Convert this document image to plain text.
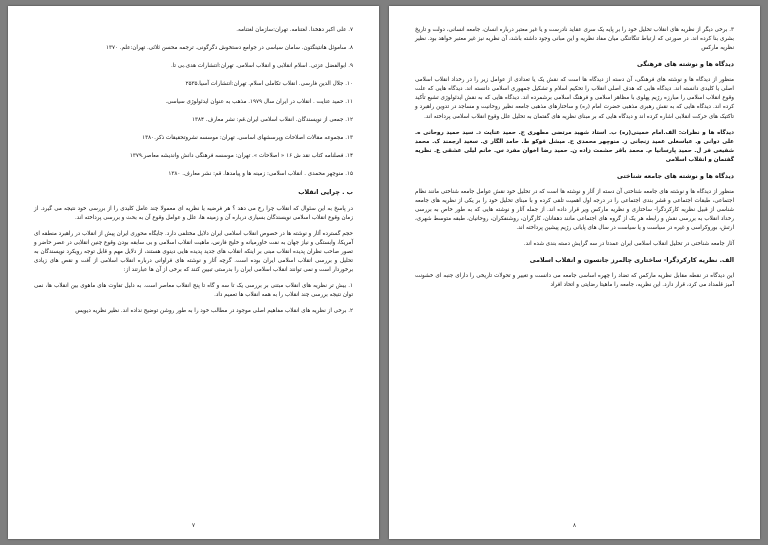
۷. علی اکبر دهخدا. لغتنامه. تهران:سازمان لغتنامه.

۸. ساموئل هانتینگتون. سامان سیاسی در جوامع دستخوش دگرگونی. ترجمه محسن ثلاثی. تهران:علم. ۱۳۷۰

۹. ابوالفضل عزتی. اسلام انقلابی و انقلاب اسلامی. تهران:انتشارات هدی.بی تا.

۱۰. جلال الدین فارسی. انقلاب تکاملی اسلام. تهران:انتشارات آسیا.۲۵۳۵

۱۱. حمید عنایت . انقلاب در ایران سال ۱۹۷۹. مذهب به عنوان ایدئولوژی سیاسی.

۱۲. جمعی از نویسندگان. انقلاب اسلامی ایران.قم: نشر معارف. ۱۳۸۴

۱۳. مجموعه مقالات اصلاحات وپرسشهای اساسی. تهران: موسسه نشروتحقیقات ذکر.۱۳۸۰

۱۴. فصلنامه کتاب نقد ش ۱۶ « اصلاحات ». تهران: موسسه فرهنگی دانش واندیشه معاصر.۱۳۷۹

۱۵. منوچهر محمدی . انقلاب اسلامی: زمینه ها و پیامدها. قم: نشر معارف. ۱۳۸۰

ب . چرایی انقلاب

در پاسخ به این سئوال که انقلاب چرا رخ می دهد ؟ هر فرضیه یا نظریه ای معمولا چند عامل کلیدی را از بررسی خود نتیجه می گیرد. از زمان وقوع انقلاب اسلامی نویسندگان بسیاری درباره آن و زمینه ها، علل و عوامل وقوع آن به بحث و بررسی پرداخته اند.

حجم گسترده آثار و نوشته ها در خصوص انقلاب اسلامی ایران دلایل مختلفی دارد. جایگاه محوری ایران پیش از انقلاب در راهبرد منطقه ای آمریکا، وابستگی و نیاز جهان به نفت خاورمیانه و خلیج فارس، ماهیت انقلاب اسلامی و بی سابقه بودن وقوع چنین انقلابی در عصر حاضر و تصور صاحب نظران پدیده انقلاب مبنی بر اینکه انقلاب های جدید پدیده هایی دینوی هستند، از دلایل مهم و قابل توجه رویکرد نویسندگان به تحلیل و بررسی انقلاب اسلامی ایران بوده است. گرچه آثار و نوشته های فراوانی درباره انقلاب اسلامی از آفت و نقص های زیادی برخوردار است و نمی توانند انقلاب اسلامی ایران را بدرستی تبیین کنند که برخی از آن ها عبارتند از:

۱. بیش تر نظریه های انقلاب مبتنی بر بررسی یک تا سه و گاه تا پنج انقلاب معاصر است. به دلیل تفاوت های ماهوی بین انقلاب ها، نمی توان نتیجه بررسی چند انقلاب را به همه انقلاب ها تعمیم داد.

۲. برخی از نظریه های انقلاب مفاهیم اصلی موجود در مطالب خود را به طور روشن توضیح نداده اند. نظیر نظریه دیویس

۷

۳. برخی دیگر از نظریه های انقلاب تحلیل خود را بر پایه یک سری عقاید نادرست و یا غیر معتبر درباره انسان، جامعه انسانی، دولت و تاریخ بشری بنا کرده اند. در صورتی که ارتباط تنگاتنگی میان مفاد نظریه و این مبانی وجود داشته باشد، آن نظریه نیز غیر معتبر خواهد بود. نظیر نظریه مارکس

دیدگاه ها و نوشته های فرهنگی

منظور از دیدگاه ها و نوشته های فرهنگی، آن دسته از دیدگاه ها است که نقش یک یا تعدادی از عوامل زیر را در رخداد انقلاب اسلامی اصلی یا کلیدی دانسته اند. دیدگاه هایی که هدف اصلی انقلاب را تحکیم اسلام و تشکیل جمهوری اسلامی دانسته اند. دیدگاه هایی که علت وقوع انقلاب اسلامی را مبارزه رژیم پهلوی با مظاهر اسلامی و فرهنگ اسلامی برشمرده اند. دیدگاه هایی که به نقش ایدئولوژی تشیع تأکید کرده اند. دیدگاه هایی که به نقش رهبری مذهبی حضرت امام (ره) و ساختارهای مذهبی جامعه نظیر روحانیت و مساجد در تدوین راهبرد و تاکتیک های حرکت انقلابی اشاره کرده اند و دیدگاه هایی که بر مبنای نظریه های گفتمان به تحلیل علل وقوع انقلاب اسلامی پرداخته اند.

دیدگاه ها و نظرات: الف.امام خمینی(ره) ب. استاد شهید مرتضی مطهری ج. حمید عنایت د. سید حمید روحانی ه. علی دوانی و. عباسعلی عمید زنجانی ز. منوچهر محمدی ح. میشل فوکو ط. حامد الگار ی. سعید ارجمند ک. محمد شفیعی فر ل. حمید پارسانیا م. محمد باقر حشمت زاده ن. حمید رضا اخوان مفرد س. خانم لیلی عشقی ع. نظریه گفتمان و انقلاب اسلامی

دیدگاه ها و نوشته های جامعه شناختی

منظور از دیدگاه ها و نوشته های جامعه شناختی آن دسته از آثار و نوشته ها است که در تحلیل خود نقش عوامل جامعه شناختی مانند نظام اجتماعی، طبقات اجتماعی و قشر بندی اجتماعی را در درجه اول اهمیت تلقی کرده و با مبنای تحلیل خود را بر یکی از نظریه های جامعه شناسی از قبیل نظریه کارکردگرا- ساختاری و نظریه مارکس ویر قرار داده اند. از جمله آثار و نوشته هایی که به طور خاص به بررسی رخداد انقلاب به بررسی نقش و رابطه هر یک از گروه های اجتماعی مانند دهقانان، کارگران، روشنفکران، روحانیان، طبقه متوسط شهری، ارتش، بوروکراسی و غیره در سیاست و یا سیاست در سال های پایانی رژیم پیشین پرداخته اند.

آثار جامعه شناختی در تحلیل انقلاب اسلامی ایران عمدتا در سه گرایش دسته بندی شده اند.

الف. نظریه کارکردگرا- ساختاری چالمرز جانسون و انقلاب اسلامی

این دیدگاه در نقطه مقابل نظریه مارکس که تضاد را چهره اساسی جامعه می دانست و تغییر و تحولات تاریخی را دارای جنبه ای خشونت آمیز قلمداد می کرد، قرار دارد. این نظریه، جامعه را ماهیتا رضایتی و اتحاد افراد

۸
